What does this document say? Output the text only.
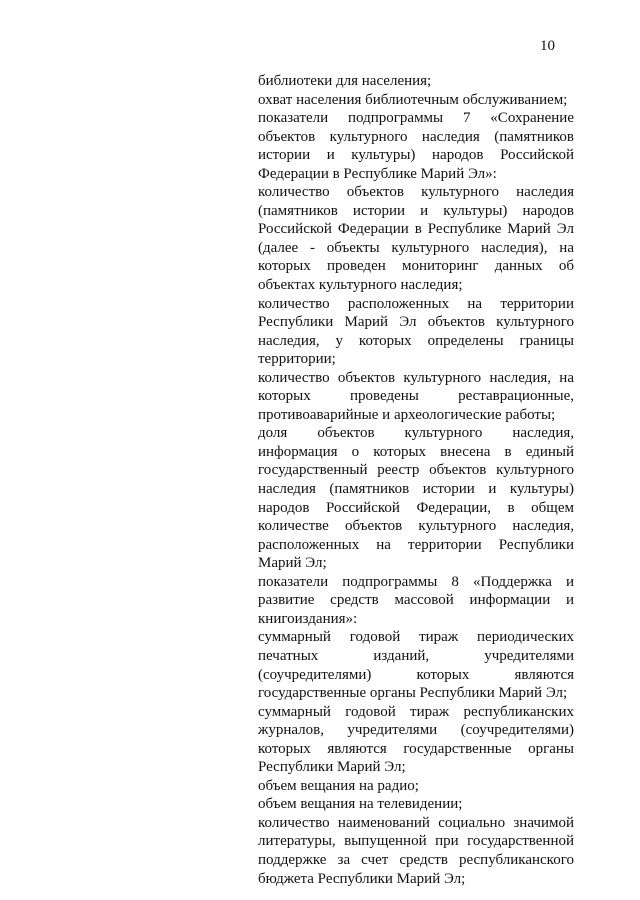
10

библиотеки для населения;

охват населения библиотечным обслуживанием;

показатели подпрограммы 7 «Сохранение объектов культурного наследия (памятников истории и культуры) народов Российской Федерации в Республике Марий Эл»:

количество объектов культурного наследия (памятников истории и культуры) народов Российской Федерации в Республике Марий Эл (далее - объекты культурного наследия), на которых проведен мониторинг данных об объектах культурного наследия;

количество расположенных на территории Республики Марий Эл объектов культурного наследия, у которых определены границы территории;

количество объектов культурного наследия, на которых проведены реставрационные, противоаварийные и археологические работы;

доля объектов культурного наследия, информация о которых внесена в единый государственный реестр объектов культурного наследия (памятников истории и культуры) народов Российской Федерации, в общем количестве объектов культурного наследия, расположенных на территории Республики Марий Эл;

показатели подпрограммы 8 «Поддержка и развитие средств массовой информации и книгоиздания»:

суммарный годовой тираж периодических печатных изданий, учредителями (соучредителями) которых являются государственные органы Республики Марий Эл;

суммарный годовой тираж республиканских журналов, учредителями (соучредителями) которых являются государственные органы Республики Марий Эл;

объем вещания на радио;

объем вещания на телевидении;

количество наименований социально значимой литературы, выпущенной при государственной поддержке за счет средств республиканского бюджета Республики Марий Эл;
